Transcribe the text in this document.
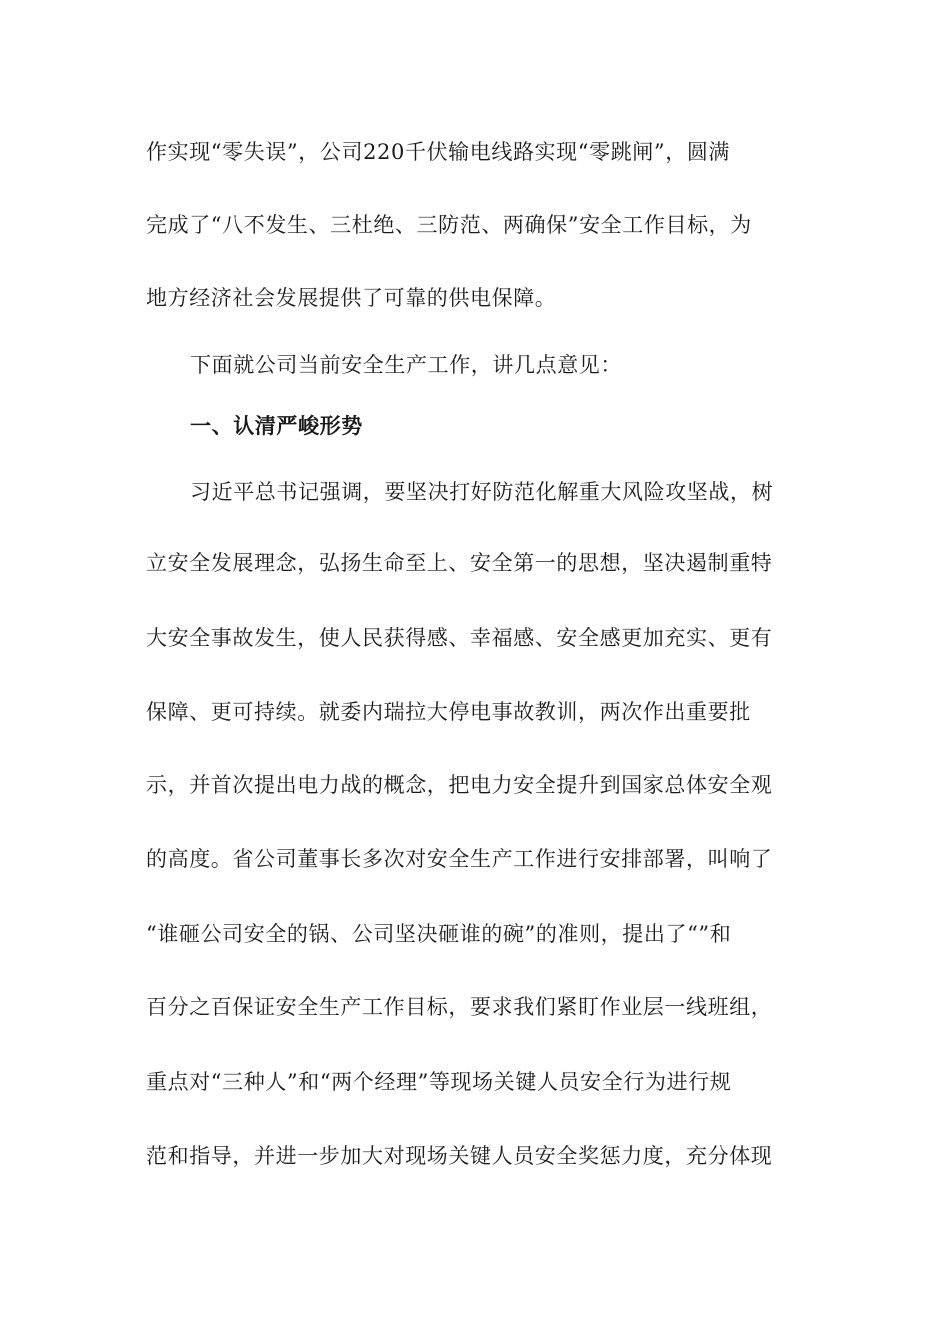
作实现“零失误”，公司220千伏输电线路实现“零跳闸”，圆满
完成了“八不发生、三杜绝、三防范、两确保”安全工作目标，为
地方经济社会发展提供了可靠的供电保障。
下面就公司当前安全生产工作，讲几点意见：
一、认清严峻形势
习近平总书记强调，要坚决打好防范化解重大风险攻坚战，树
立安全发展理念，弘扬生命至上、安全第一的思想，坚决遏制重特
大安全事故发生，使人民获得感、幸福感、安全感更加充实、更有
保障、更可持续。就委内瑞拉大停电事故教训，两次作出重要批
示，并首次提出电力战的概念，把电力安全提升到国家总体安全观
的高度。省公司董事长多次对安全生产工作进行安排部署，叫响了
“谁砸公司安全的锅、公司坚决砸谁的碗”的准则，提出了“”和
百分之百保证安全生产工作目标，要求我们紧盯作业层一线班组，
重点对“三种人”和“两个经理”等现场关键人员安全行为进行规
范和指导，并进一步加大对现场关键人员安全奖惩力度，充分体现
